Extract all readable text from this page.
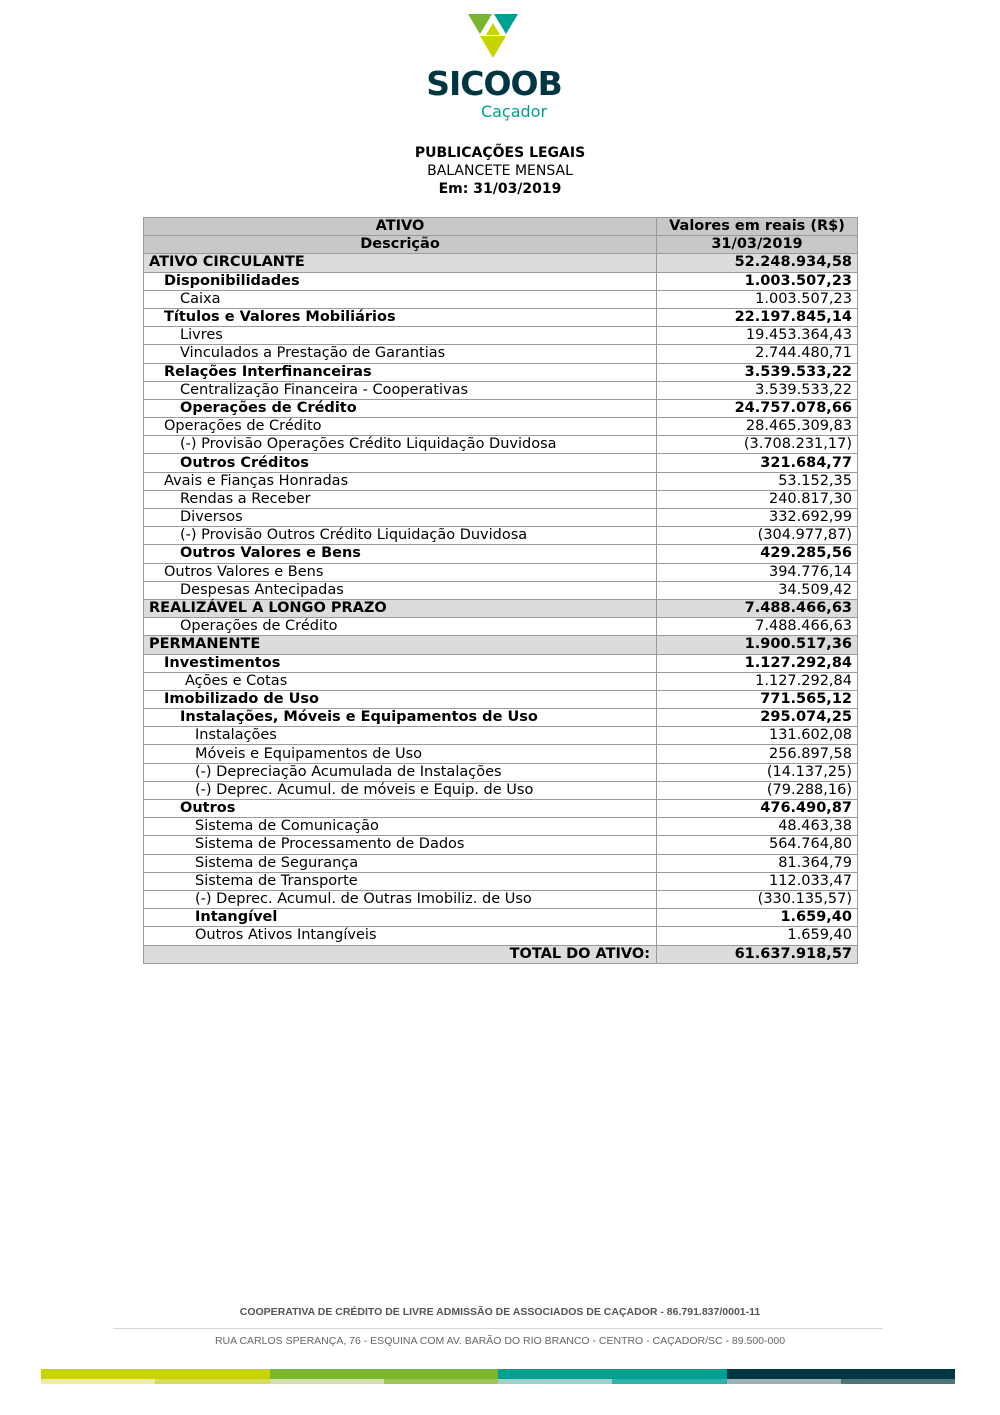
SICOOB
Caçador
PUBLICAÇÕES LEGAIS
BALANCETE MENSAL
Em: 31/03/2019
ATIVO	Valores em reais (R$)
Descrição	31/03/2019
ATIVO CIRCULANTE	52.248.934,58
Disponibilidades	1.003.507,23
Caixa	1.003.507,23
Títulos e Valores Mobiliários	22.197.845,14
Livres	19.453.364,43
Vinculados a Prestação de Garantias	2.744.480,71
Relações Interfinanceiras	3.539.533,22
Centralização Financeira - Cooperativas	3.539.533,22
Operações de Crédito	24.757.078,66
Operações de Crédito	28.465.309,83
(-) Provisão Operações Crédito Liquidação Duvidosa	(3.708.231,17)
Outros Créditos	321.684,77
Avais e Fianças Honradas	53.152,35
Rendas a Receber	240.817,30
Diversos	332.692,99
(-) Provisão Outros Crédito Liquidação Duvidosa	(304.977,87)
Outros Valores e Bens	429.285,56
Outros Valores e Bens	394.776,14
Despesas Antecipadas	34.509,42
REALIZÁVEL A LONGO PRAZO	7.488.466,63
Operações de Crédito	7.488.466,63
PERMANENTE	1.900.517,36
Investimentos	1.127.292,84
Ações e Cotas	1.127.292,84
Imobilizado de Uso	771.565,12
Instalações, Móveis e Equipamentos de Uso	295.074,25
Instalações	131.602,08
Móveis e Equipamentos de Uso	256.897,58
(-) Depreciação Acumulada de Instalações	(14.137,25)
(-) Deprec. Acumul. de móveis e Equip. de Uso	(79.288,16)
Outros	476.490,87
Sistema de Comunicação	48.463,38
Sistema de Processamento de Dados	564.764,80
Sistema de Segurança	81.364,79
Sistema de Transporte	112.033,47
(-) Deprec. Acumul. de Outras Imobiliz. de Uso	(330.135,57)
Intangível	1.659,40
Outros Ativos Intangíveis	1.659,40
TOTAL DO ATIVO:	61.637.918,57
COOPERATIVA DE CRÉDITO DE LIVRE ADMISSÃO DE ASSOCIADOS DE CAÇADOR - 86.791.837/0001-11
RUA CARLOS SPERANÇA, 76 - ESQUINA COM AV. BARÃO DO RIO BRANCO - CENTRO - CAÇADOR/SC - 89.500-000
